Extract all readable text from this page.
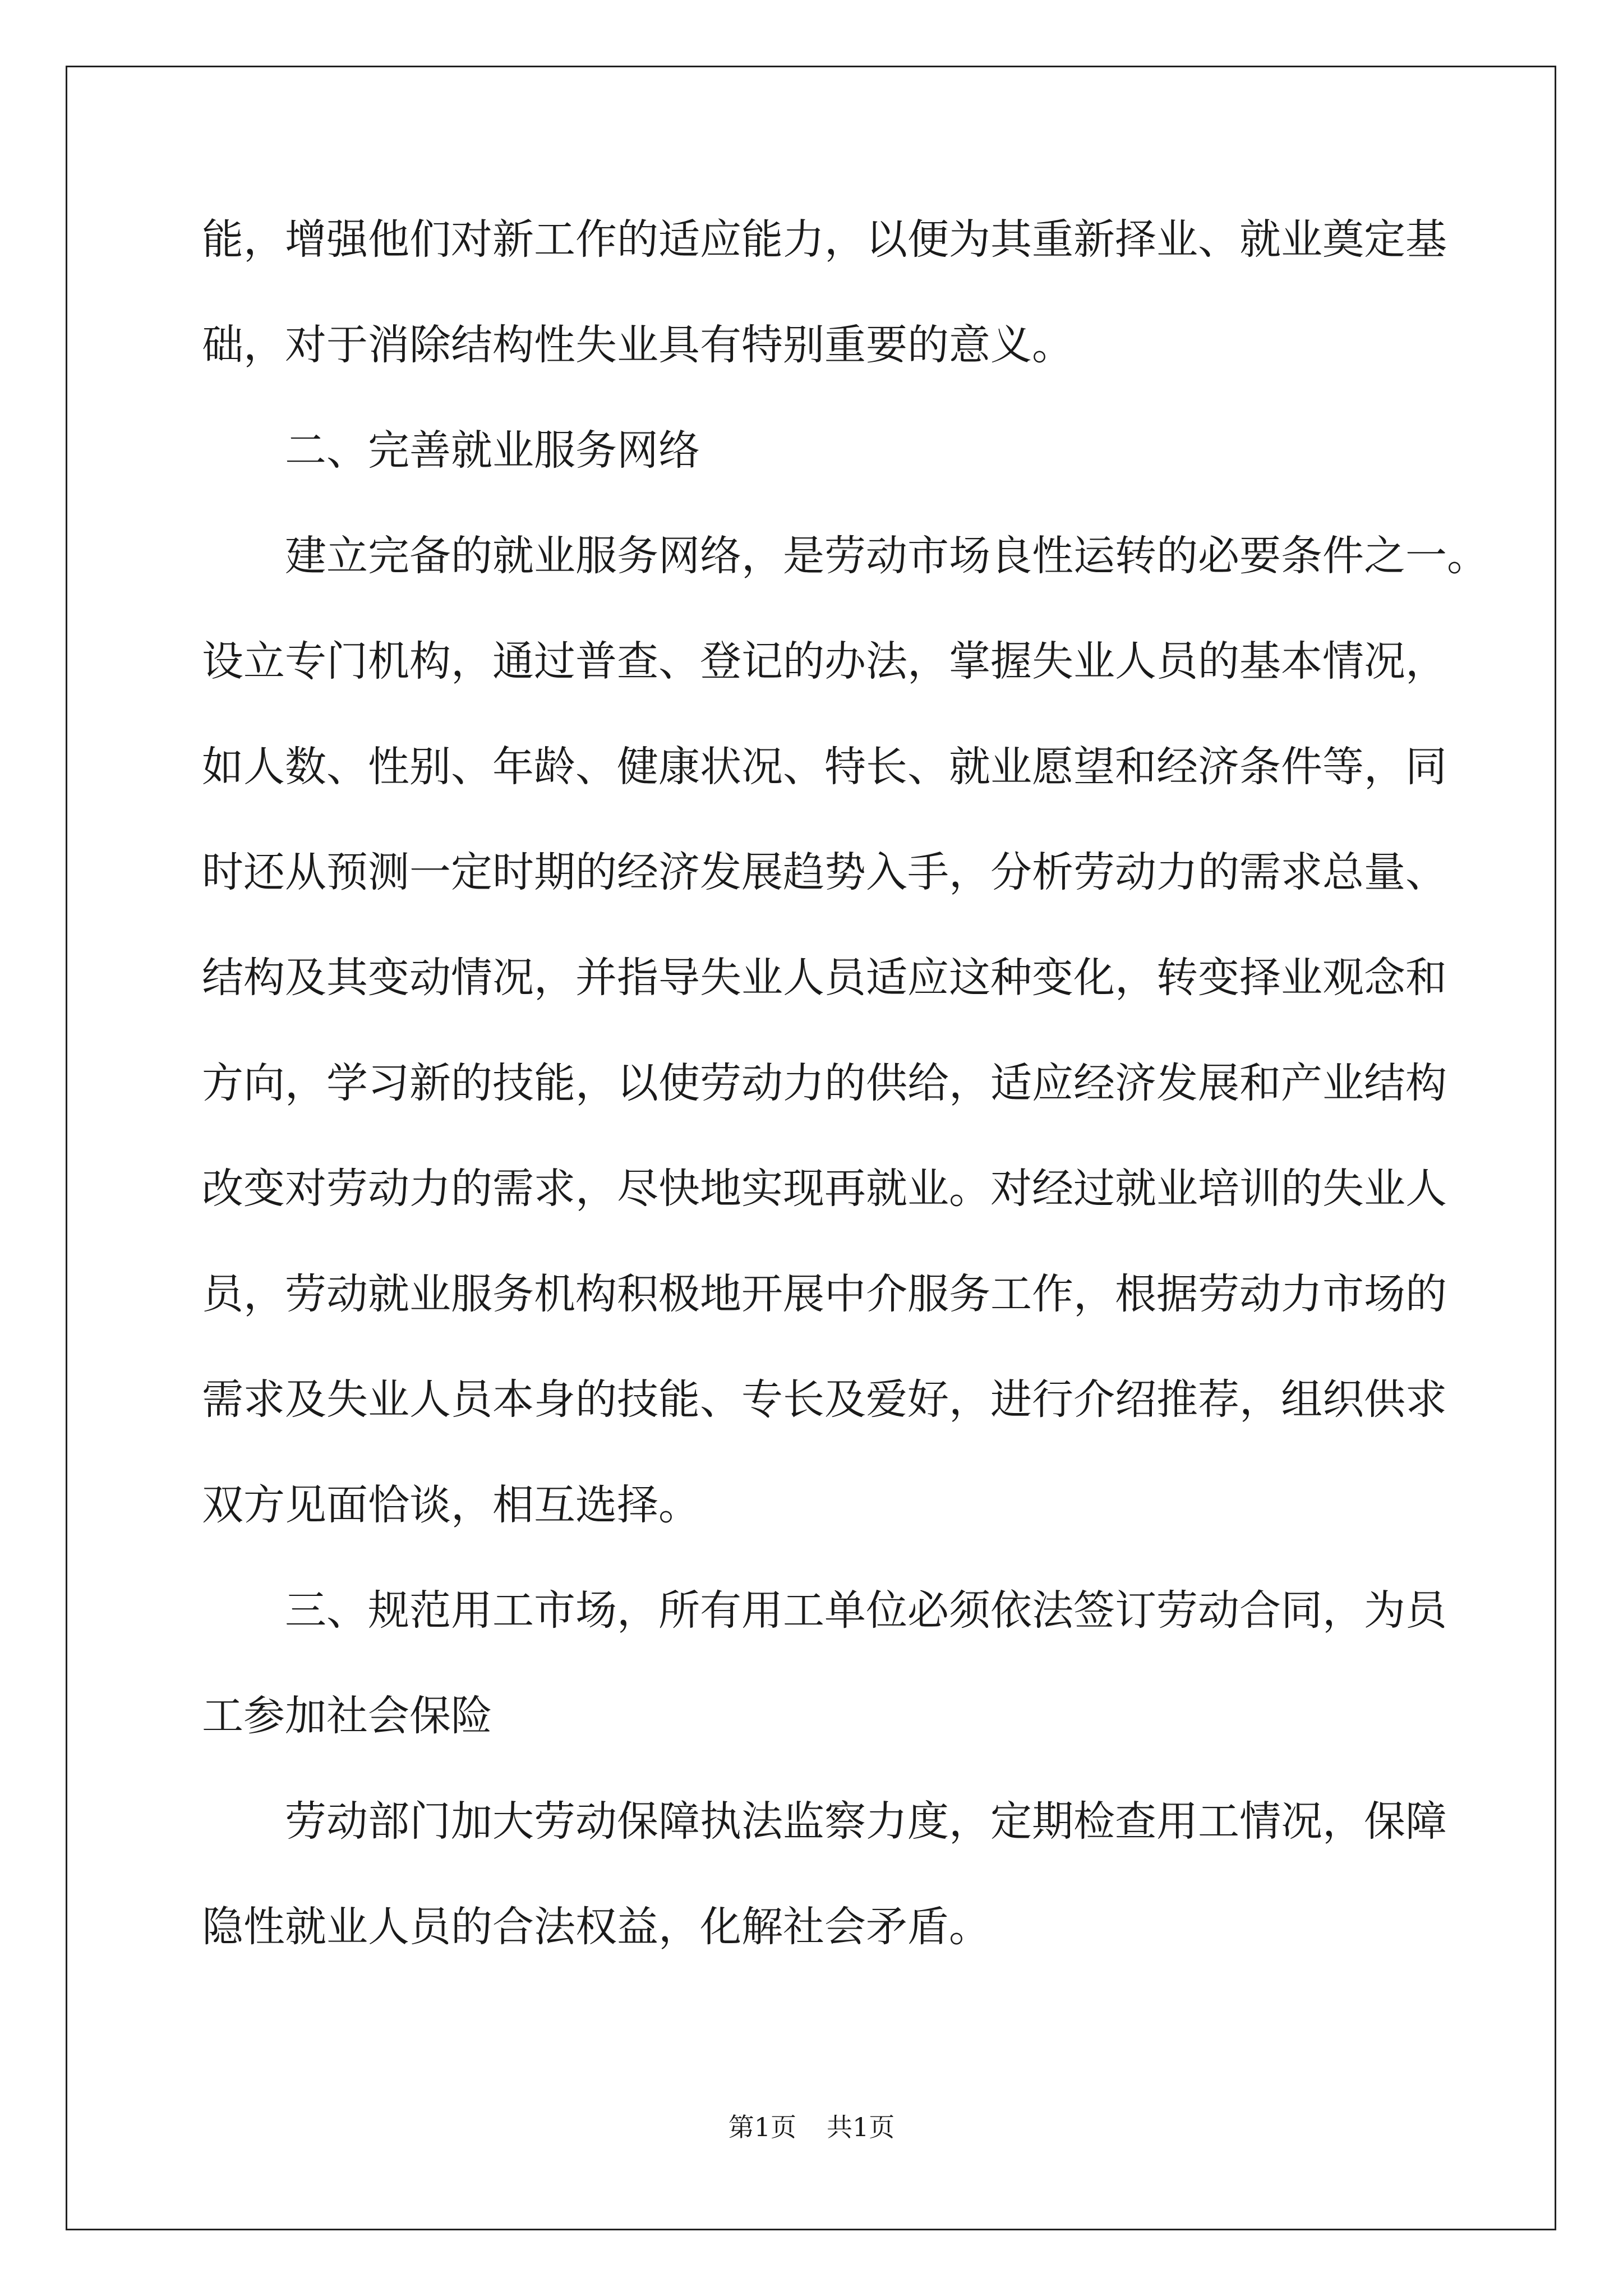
能，增强他们对新工作的适应能力，以便为其重新择业、就业奠定基

础，对于消除结构性失业具有特别重要的意义。

二、完善就业服务网络

建立完备的就业服务网络，是劳动市场良性运转的必要条件之一。

设立专门机构，通过普查、登记的办法，掌握失业人员的基本情况，

如人数、性别、年龄、健康状况、特长、就业愿望和经济条件等，同

时还从预测一定时期的经济发展趋势入手，分析劳动力的需求总量、

结构及其变动情况，并指导失业人员适应这种变化，转变择业观念和

方向，学习新的技能，以使劳动力的供给，适应经济发展和产业结构

改变对劳动力的需求，尽快地实现再就业。对经过就业培训的失业人

员，劳动就业服务机构积极地开展中介服务工作，根据劳动力市场的

需求及失业人员本身的技能、专长及爱好，进行介绍推荐，组织供求

双方见面恰谈，相互选择。

三、规范用工市场，所有用工单位必须依法签订劳动合同，为员

工参加社会保险

劳动部门加大劳动保障执法监察力度，定期检查用工情况，保障

隐性就业人员的合法权益，化解社会矛盾。

第1页 共1页
